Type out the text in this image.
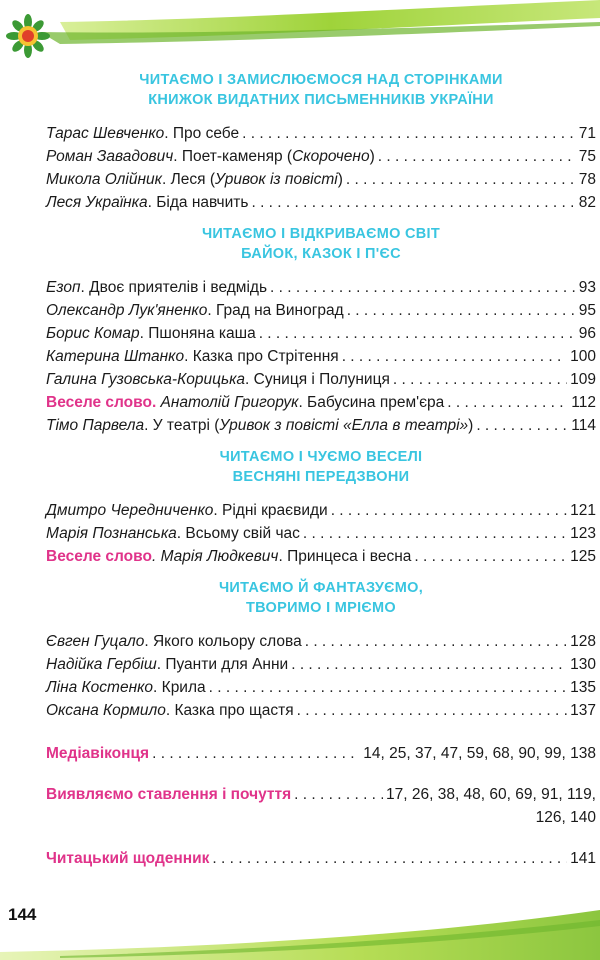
ЧИТАЄМО І ЗАМИСЛЮЄМОСЯ НАД СТОРІНКАМИ
КНИЖОК ВИДАТНИХ ПИСЬМЕННИКІВ УКРАЇНИ
Тарас Шевченко. Про себе . . .	71
Роман Завадович. Поет-каменяр (Скорочено) . . .	75
Микола Олійник. Леся (Уривок із повісті) . . .	78
Леся Українка. Біда навчить . . .	82
ЧИТАЄМО І ВІДКРИВАЄМО СВІТ
БАЙОК, КАЗОК І П'ЄС
Езоп. Двоє приятелів і ведмідь . . .	93
Олександр Лук'яненко. Град на Виноград . . .	95
Борис Комар. Пшоняна каша . . .	96
Катерина Штанко. Казка про Стрітення . . .	100
Галина Гузовська-Корицька. Суниця і Полуниця . . .	109
Веселе слово. Анатолій Григорук. Бабусина прем'єра . . .	112
Тімо Парвела. У театрі (Уривок з повісті «Елла в театрі») . . .	114
ЧИТАЄМО І ЧУЄМО ВЕСЕЛІ
ВЕСНЯНІ ПЕРЕДЗВОНИ
Дмитро Чередниченко. Рідні краєвиди . . .	121
Марія Познанська. Всьому свій час . . .	123
Веселе слово. Марія Людкевич. Принцеса і весна . . .	125
ЧИТАЄМО Й ФАНТАЗУЄМО,
ТВОРИМО І МРІЄМО
Євген Гуцало. Якого кольору слова . . .	128
Надійка Гербіш. Пуанти для Анни . . .	130
Ліна Костенко. Крила . . .	135
Оксана Кормило. Казка про щастя . . .	137
Медіавіконця . . .	14, 25, 37, 47, 59, 68, 90, 99, 138
Виявляємо ставлення і почуття . . .	17, 26, 38, 48, 60, 69, 91, 119,
126, 140
Читацький щоденник . . .	141
144
